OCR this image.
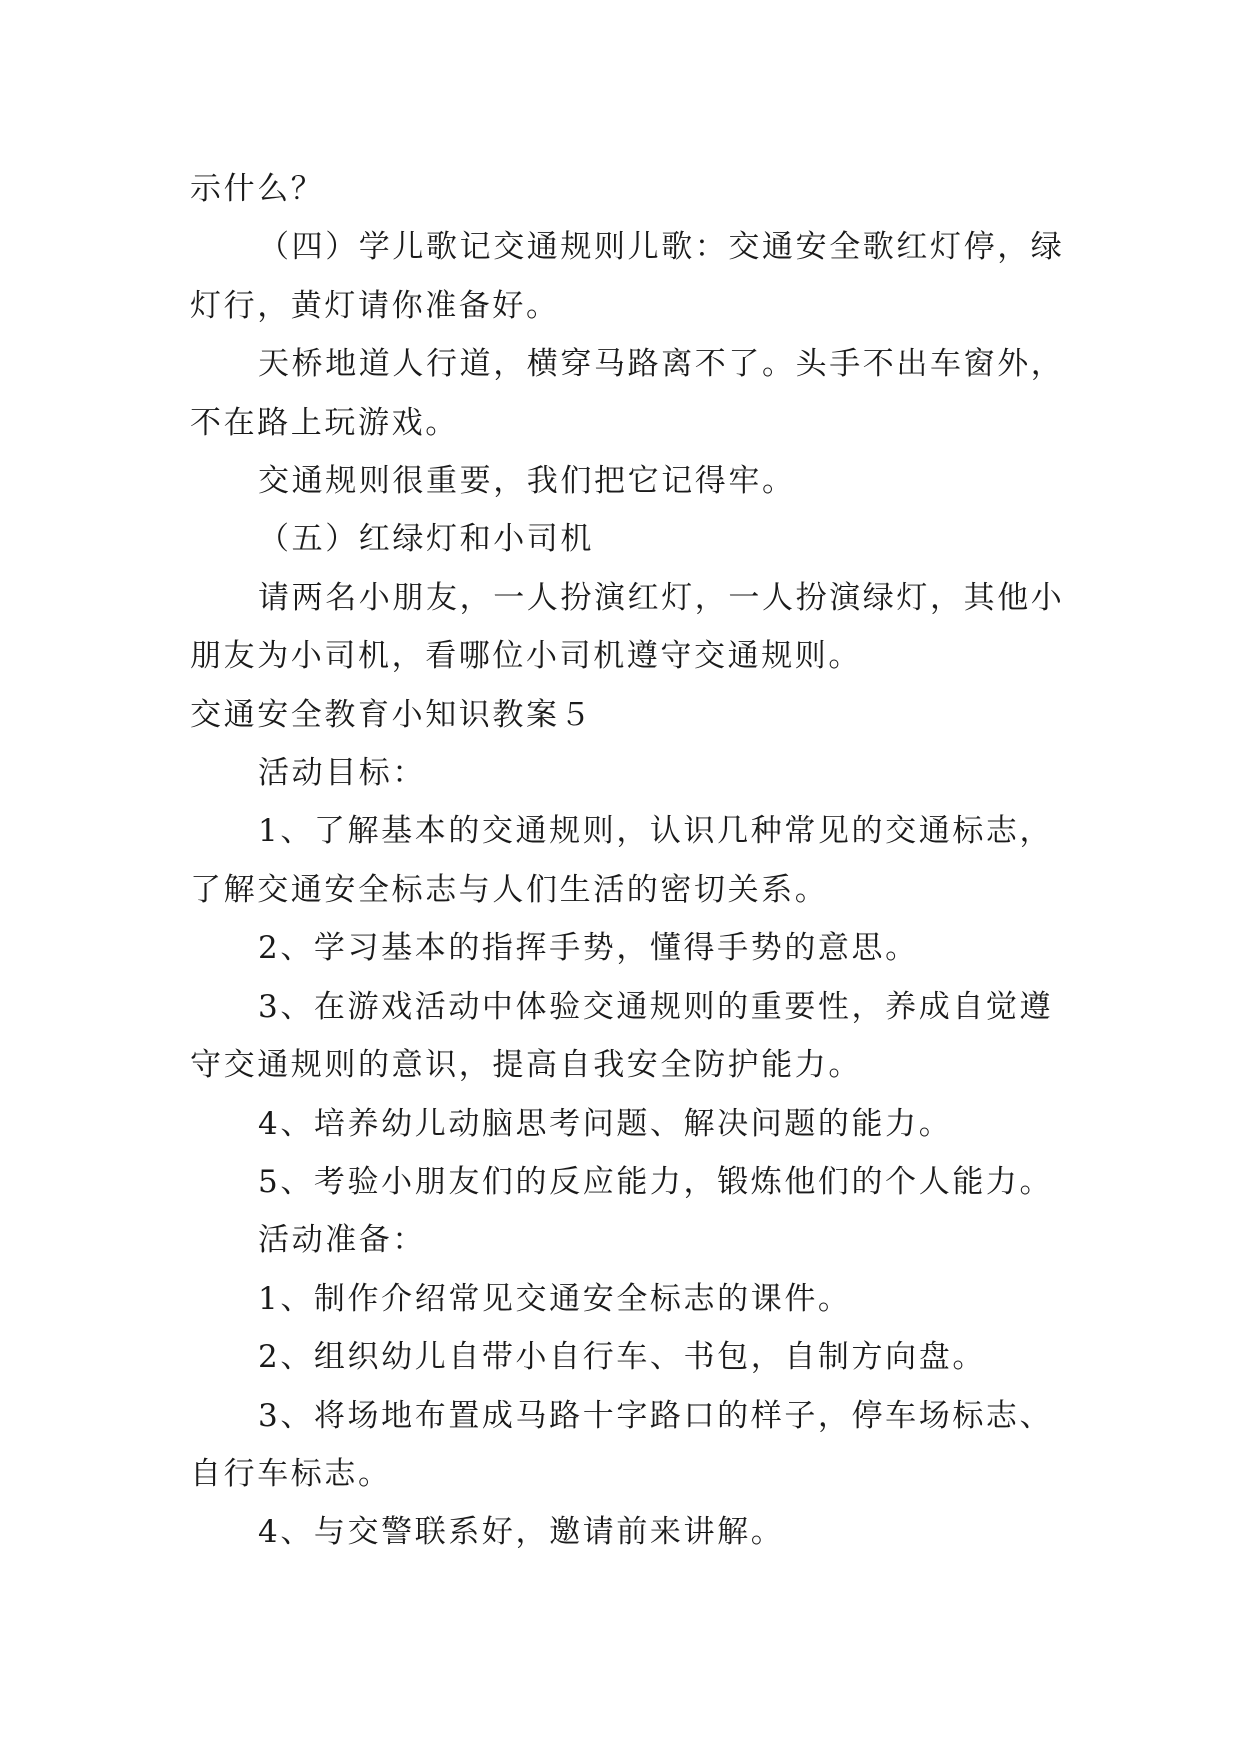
示什么？

（四）学儿歌记交通规则儿歌：交通安全歌红灯停，绿

灯行，黄灯请你准备好。

天桥地道人行道，横穿马路离不了。头手不出车窗外，

不在路上玩游戏。

交通规则很重要，我们把它记得牢。

（五）红绿灯和小司机

请两名小朋友，一人扮演红灯，一人扮演绿灯，其他小

朋友为小司机，看哪位小司机遵守交通规则。

交通安全教育小知识教案５

活动目标：

1、了解基本的交通规则，认识几种常见的交通标志，

了解交通安全标志与人们生活的密切关系。

2、学习基本的指挥手势，懂得手势的意思。

3、在游戏活动中体验交通规则的重要性，养成自觉遵

守交通规则的意识，提高自我安全防护能力。

4、培养幼儿动脑思考问题、解决问题的能力。

5、考验小朋友们的反应能力，锻炼他们的个人能力。

活动准备：

1、制作介绍常见交通安全标志的课件。

2、组织幼儿自带小自行车、书包，自制方向盘。

3、将场地布置成马路十字路口的样子，停车场标志、

自行车标志。

4、与交警联系好，邀请前来讲解。
